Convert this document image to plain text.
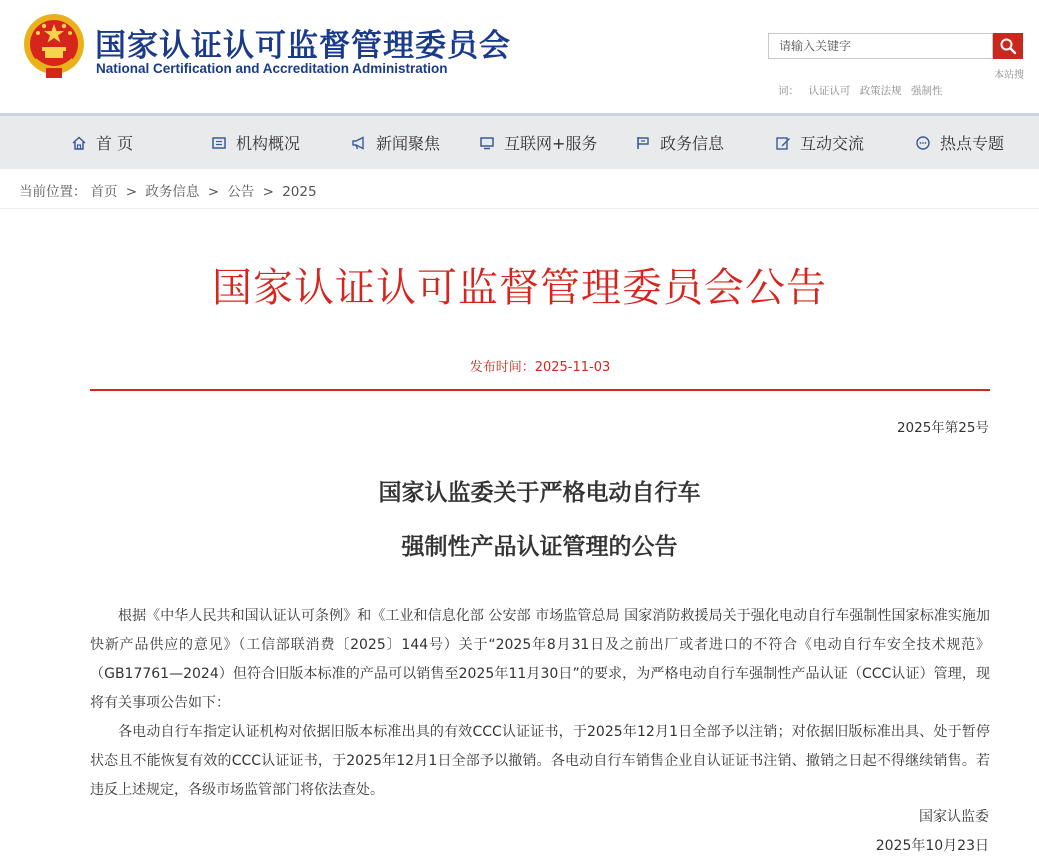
国家认证认可监督管理委员会
National Certification and Accreditation Administration
请输入关键字	本站搜
词： 认证认可 政策法规 强制性
首 页	机构概况	新闻聚焦	互联网+服务	政务信息	互动交流	热点专题
当前位置： 首页 > 政务信息 > 公告 > 2025
国家认证认可监督管理委员会公告
发布时间：2025-11-03
2025年第25号
国家认监委关于严格电动自行车
强制性产品认证管理的公告

根据《中华人民共和国认证认可条例》和《工业和信息化部 公安部 市场监管总局 国家消防救援局关于强化电动自行车强制性国家标准实施加快新产品供应的意见》（工信部联消费〔2025〕144号）关于“2025年8月31日及之前出厂或者进口的不符合《电动自行车安全技术规范》（GB17761—2024）但符合旧版本标准的产品可以销售至2025年11月30日”的要求，为严格电动自行车强制性产品认证（CCC认证）管理，现将有关事项公告如下：

各电动自行车指定认证机构对依据旧版本标准出具的有效CCC认证证书，于2025年12月1日全部予以注销；对依据旧版标准出具、处于暂停状态且不能恢复有效的CCC认证证书，于2025年12月1日全部予以撤销。各电动自行车销售企业自认证证书注销、撤销之日起不得继续销售。若违反上述规定，各级市场监管部门将依法查处。

国家认监委
2025年10月23日
